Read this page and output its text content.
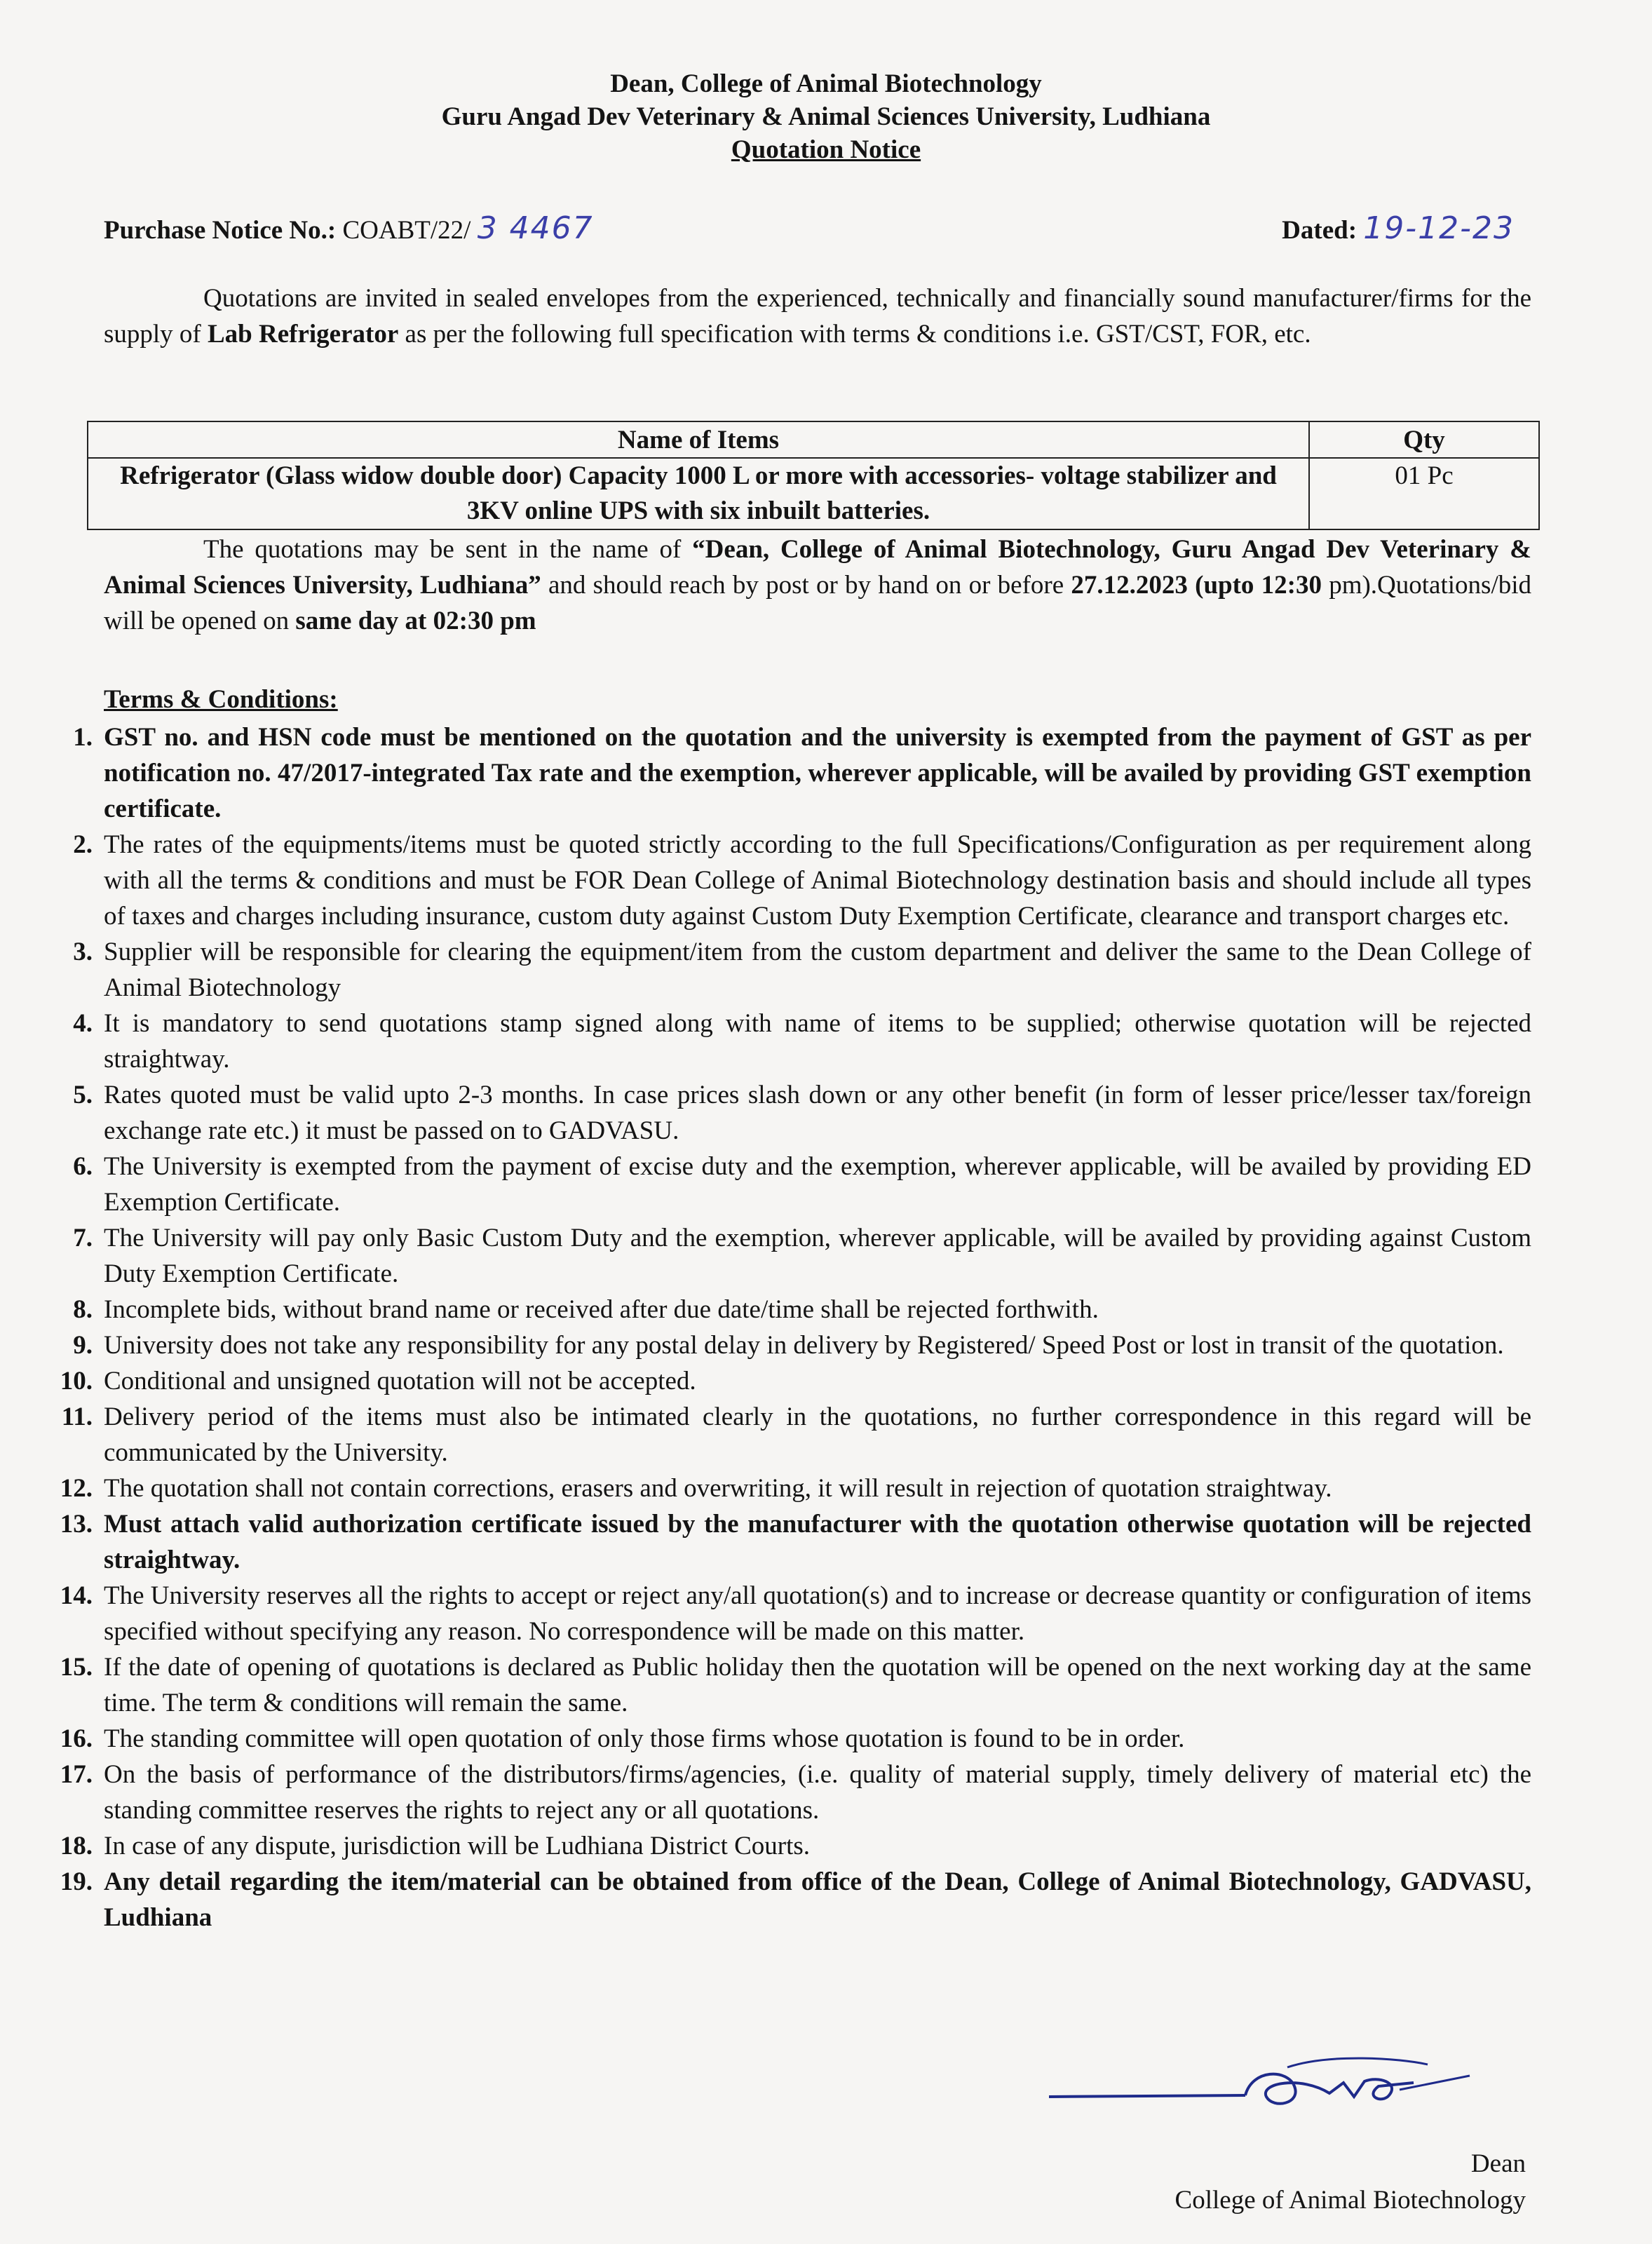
Dean, College of Animal Biotechnology
Guru Angad Dev Veterinary & Animal Sciences University, Ludhiana
Quotation Notice
Purchase Notice No.: COABT/22/ 3 4467	Dated: 19-12-23
Quotations are invited in sealed envelopes from the experienced, technically and financially sound manufacturer/firms for the supply of Lab Refrigerator as per the following full specification with terms & conditions i.e. GST/CST, FOR, etc.
Name of Items	Qty
Refrigerator (Glass widow double door) Capacity 1000 L or more with accessories- voltage stabilizer and 3KV online UPS with six inbuilt batteries.	01 Pc
The quotations may be sent in the name of “Dean, College of Animal Biotechnology, Guru Angad Dev Veterinary & Animal Sciences University, Ludhiana” and should reach by post or by hand on or before 27.12.2023 (upto 12:30 pm).Quotations/bid will be opened on same day at 02:30 pm
Terms & Conditions:
1. GST no. and HSN code must be mentioned on the quotation and the university is exempted from the payment of GST as per notification no. 47/2017-integrated Tax rate and the exemption, wherever applicable, will be availed by providing GST exemption certificate.
2. The rates of the equipments/items must be quoted strictly according to the full Specifications/Configuration as per requirement along with all the terms & conditions and must be FOR Dean College of Animal Biotechnology destination basis and should include all types of taxes and charges including insurance, custom duty against Custom Duty Exemption Certificate, clearance and transport charges etc.
3. Supplier will be responsible for clearing the equipment/item from the custom department and deliver the same to the Dean College of Animal Biotechnology
4. It is mandatory to send quotations stamp signed along with name of items to be supplied; otherwise quotation will be rejected straightway.
5. Rates quoted must be valid upto 2-3 months. In case prices slash down or any other benefit (in form of lesser price/lesser tax/foreign exchange rate etc.) it must be passed on to GADVASU.
6. The University is exempted from the payment of excise duty and the exemption, wherever applicable, will be availed by providing ED Exemption Certificate.
7. The University will pay only Basic Custom Duty and the exemption, wherever applicable, will be availed by providing against Custom Duty Exemption Certificate.
8. Incomplete bids, without brand name or received after due date/time shall be rejected forthwith.
9. University does not take any responsibility for any postal delay in delivery by Registered/ Speed Post or lost in transit of the quotation.
10. Conditional and unsigned quotation will not be accepted.
11. Delivery period of the items must also be intimated clearly in the quotations, no further correspondence in this regard will be communicated by the University.
12. The quotation shall not contain corrections, erasers and overwriting, it will result in rejection of quotation straightway.
13. Must attach valid authorization certificate issued by the manufacturer with the quotation otherwise quotation will be rejected straightway.
14. The University reserves all the rights to accept or reject any/all quotation(s) and to increase or decrease quantity or configuration of items specified without specifying any reason. No correspondence will be made on this matter.
15. If the date of opening of quotations is declared as Public holiday then the quotation will be opened on the next working day at the same time. The term & conditions will remain the same.
16. The standing committee will open quotation of only those firms whose quotation is found to be in order.
17. On the basis of performance of the distributors/firms/agencies, (i.e. quality of material supply, timely delivery of material etc) the standing committee reserves the rights to reject any or all quotations.
18. In case of any dispute, jurisdiction will be Ludhiana District Courts.
19. Any detail regarding the item/material can be obtained from office of the Dean, College of Animal Biotechnology, GADVASU, Ludhiana
Dean
College of Animal Biotechnology
